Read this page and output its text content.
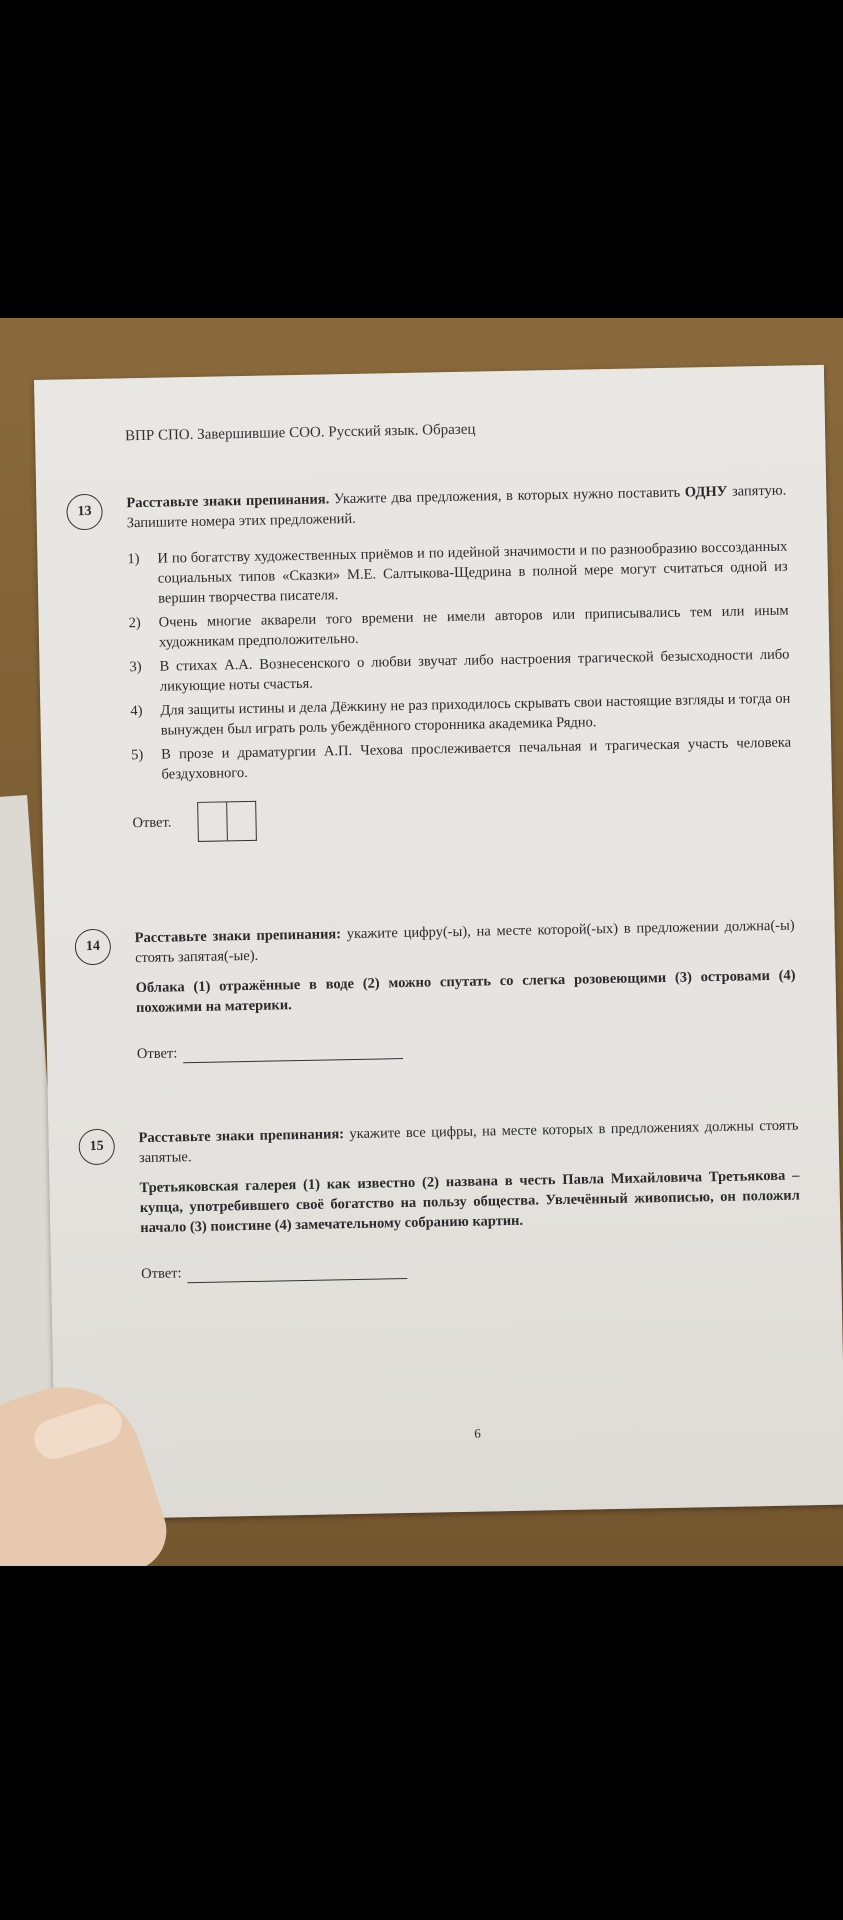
ВПР СПО. Завершившие СОО. Русский язык. Образец
13
Расставьте знаки препинания. Укажите два предложения, в которых нужно поставить ОДНУ запятую. Запишите номера этих предложений.
1)	И по богатству художественных приёмов и по идейной значимости и по разнообразию воссозданных социальных типов «Сказки» М.Е. Салтыкова-Щедрина в полной мере могут считаться одной из вершин творчества писателя.
2)	Очень многие акварели того времени не имели авторов или приписывались тем или иным художникам предположительно.
3)	В стихах А.А. Вознесенского о любви звучат либо настроения трагической безысходности либо ликующие ноты счастья.
4)	Для защиты истины и дела Дёжкину не раз приходилось скрывать свои настоящие взгляды и тогда он вынужден был играть роль убеждённого сторонника академика Рядно.
5)	В прозе и драматургии А.П. Чехова прослеживается печальная и трагическая участь человека бездуховного.
Ответ.
14
Расставьте знаки препинания: укажите цифру(-ы), на месте которой(-ых) в предложении должна(-ы) стоять запятая(-ые).
Облака (1) отражённые в воде (2) можно спутать со слегка розовеющими (3) островами (4) похожими на материки.
Ответ:
15
Расставьте знаки препинания: укажите все цифры, на месте которых в предложениях должны стоять запятые.
Третьяковская галерея (1) как известно (2) названа в честь Павла Михайловича Третьякова – купца, употребившего своё богатство на пользу общества. Увлечённый живописью, он положил начало (3) поистине (4) замечательному собранию картин.
Ответ:
6
